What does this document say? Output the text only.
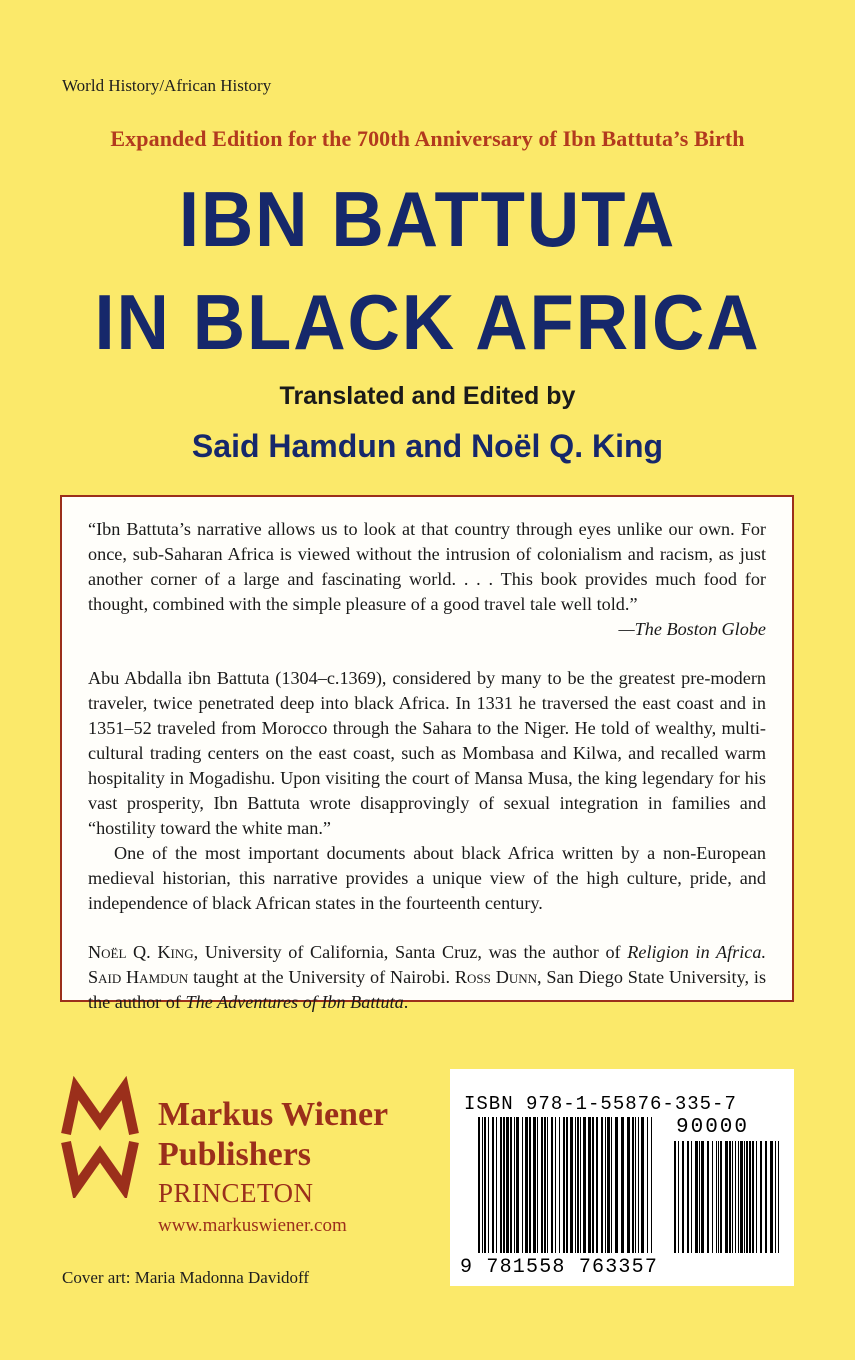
World History/African History
Expanded Edition for the 700th Anniversary of Ibn Battuta’s Birth
IBN BATTUTA
IN BLACK AFRICA
Translated and Edited by
Said Hamdun and Noël Q. King

“Ibn Battuta’s narrative allows us to look at that country through eyes unlike our own. For once, sub-Saharan Africa is viewed without the intrusion of colonialism and racism, as just another corner of a large and fascinating world. . . . This book provides much food for thought, combined with the simple pleasure of a good travel tale well told.”

—The Boston Globe

Abu Abdalla ibn Battuta (1304–c.1369), considered by many to be the greatest pre-modern traveler, twice penetrated deep into black Africa. In 1331 he traversed the east coast and in 1351–52 traveled from Morocco through the Sahara to the Niger. He told of wealthy, multi-cultural trading centers on the east coast, such as Mombasa and Kilwa, and recalled warm hospitality in Mogadishu. Upon visiting the court of Mansa Musa, the king legendary for his vast prosperity, Ibn Battuta wrote disapprovingly of sexual integration in families and “hostility toward the white man.”

One of the most important documents about black Africa written by a non-European medieval historian, this narrative provides a unique view of the high culture, pride, and independence of black African states in the fourteenth century.

Noël Q. King, University of California, Santa Cruz, was the author of Religion in Africa. Said Hamdun taught at the University of Nairobi. Ross Dunn, San Diego State University, is the author of The Adventures of Ibn Battuta.

Markus Wiener
Publishers
PRINCETON
www.markuswiener.com
Cover art: Maria Madonna Davidoff
ISBN 978-1-55876-335-7
90000
9 781558 763357
